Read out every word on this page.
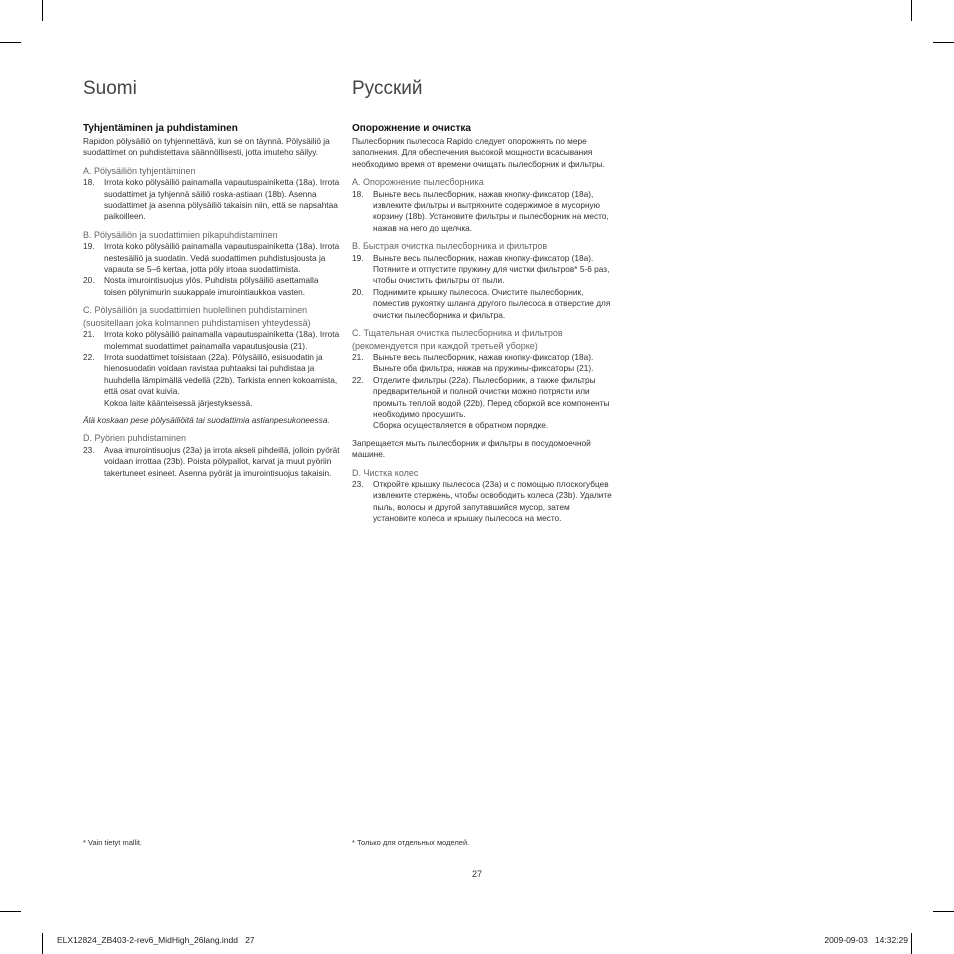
Suomi
Tyhjentäminen ja puhdistaminen

Rapidon pölysäiliö on tyhjennettävä, kun se on täynnä. Pölysäiliö ja suodattimet on puhdistettava säännöllisesti, jotta imuteho säilyy.

A. Pölysäiliön tyhjentäminen
18.	Irrota koko pölysäiliö painamalla vapautuspainiketta (18a). Irrota suodattimet ja tyhjennä säiliö roska-astiaan (18b). Asenna suodattimet ja asenna pölysäiliö takaisin niin, että se napsahtaa paikoilleen.
B. Pölysäiliön ja suodattimien pikapuhdistaminen
19.	Irrota koko pölysäiliö painamalla vapautuspainiketta (18a). Irrota nestesäiliö ja suodatin. Vedä suodattimen puhdistusjousta ja vapauta se 5–6 kertaa, jotta pöly irtoaa suodattimista.
20.	Nosta imurointisuojus ylös. Puhdista pölysäiliö asettamalla toisen pölynimurin suukappale imurointiaukkoa vasten.
C. Pölysäiliön ja suodattimien huolellinen puhdistaminen (suositellaan joka kolmannen puhdistamisen yhteydessä)
21.	Irrota koko pölysäiliö painamalla vapautuspainiketta (18a). Irrota molemmat suodattimet painamalla vapautusjousia (21).
22.	Irrota suodattimet toisistaan (22a). Pölysäiliö, esisuodatin ja hienosuodatin voidaan ravistaa puhtaaksi tai puhdistaa ja huuhdella lämpimällä vedellä (22b). Tarkista ennen kokoamista, että osat ovat kuivia.
Kokoa laite käänteisessä järjestyksessä.

Älä koskaan pese pölysäiliöitä tai suodattimia astianpesukoneessa.

D. Pyörien puhdistaminen
23.	Avaa imurointisuojus (23a) ja irrota akseli pihdeillä, jolloin pyörät voidaan irrottaa (23b). Poista pölypallot, karvat ja muut pyöriin takertuneet esineet. Asenna pyörät ja imurointisuojus takaisin.
* Vain tietyt mallit.
Русский
Опорожнение и очистка

Пылесборник пылесоса Rapido следует опорожнять по мере заполнения. Для обеспечения высокой мощности всасывания необходимо время от времени очищать пылесборник и фильтры.

A. Опорожнение пылесборника
18.	Выньте весь пылесборник, нажав кнопку-фиксатор (18a), извлеките фильтры и вытряхните содержимое в мусорную корзину (18b). Установите фильтры и пылесборник на место, нажав на него до щелчка.
B. Быстрая очистка пылесборника и фильтров
19.	Выньте весь пылесборник, нажав кнопку-фиксатор (18a). Потяните и отпустите пружину для чистки фильтров* 5-6 раз, чтобы очистить фильтры от пыли.
20.	Поднимите крышку пылесоса. Очистите пылесборник, поместив рукоятку шланга другого пылесоса в отверстие для очистки пылесборника и фильтра.
C. Тщательная очистка пылесборника и фильтров (рекомендуется при каждой третьей уборке)
21.	Выньте весь пылесборник, нажав кнопку-фиксатор (18a). Выньте оба фильтра, нажав на пружины-фиксаторы (21).
22.	Отделите фильтры (22a). Пылесборник, а также фильтры предварительной и полной очистки можно потрясти или промыть теплой водой (22b). Перед сборкой все компоненты необходимо просушить.
Сборка осуществляется в обратном порядке.

Запрещается мыть пылесборник и фильтры в посудомоечной машине.

D. Чистка колес
23.	Откройте крышку пылесоса (23a) и с помощью плоскогубцев извлеките стержень, чтобы освободить колеса (23b). Удалите пыль, волосы и другой запутавшийся мусор, затем установите колеса и крышку пылесоса на место.
* Только для отдельных моделей.
27
ELX12824_ZB403-2-rev6_MidHigh_26lang.indd   27	2009-09-03   14:32:29
